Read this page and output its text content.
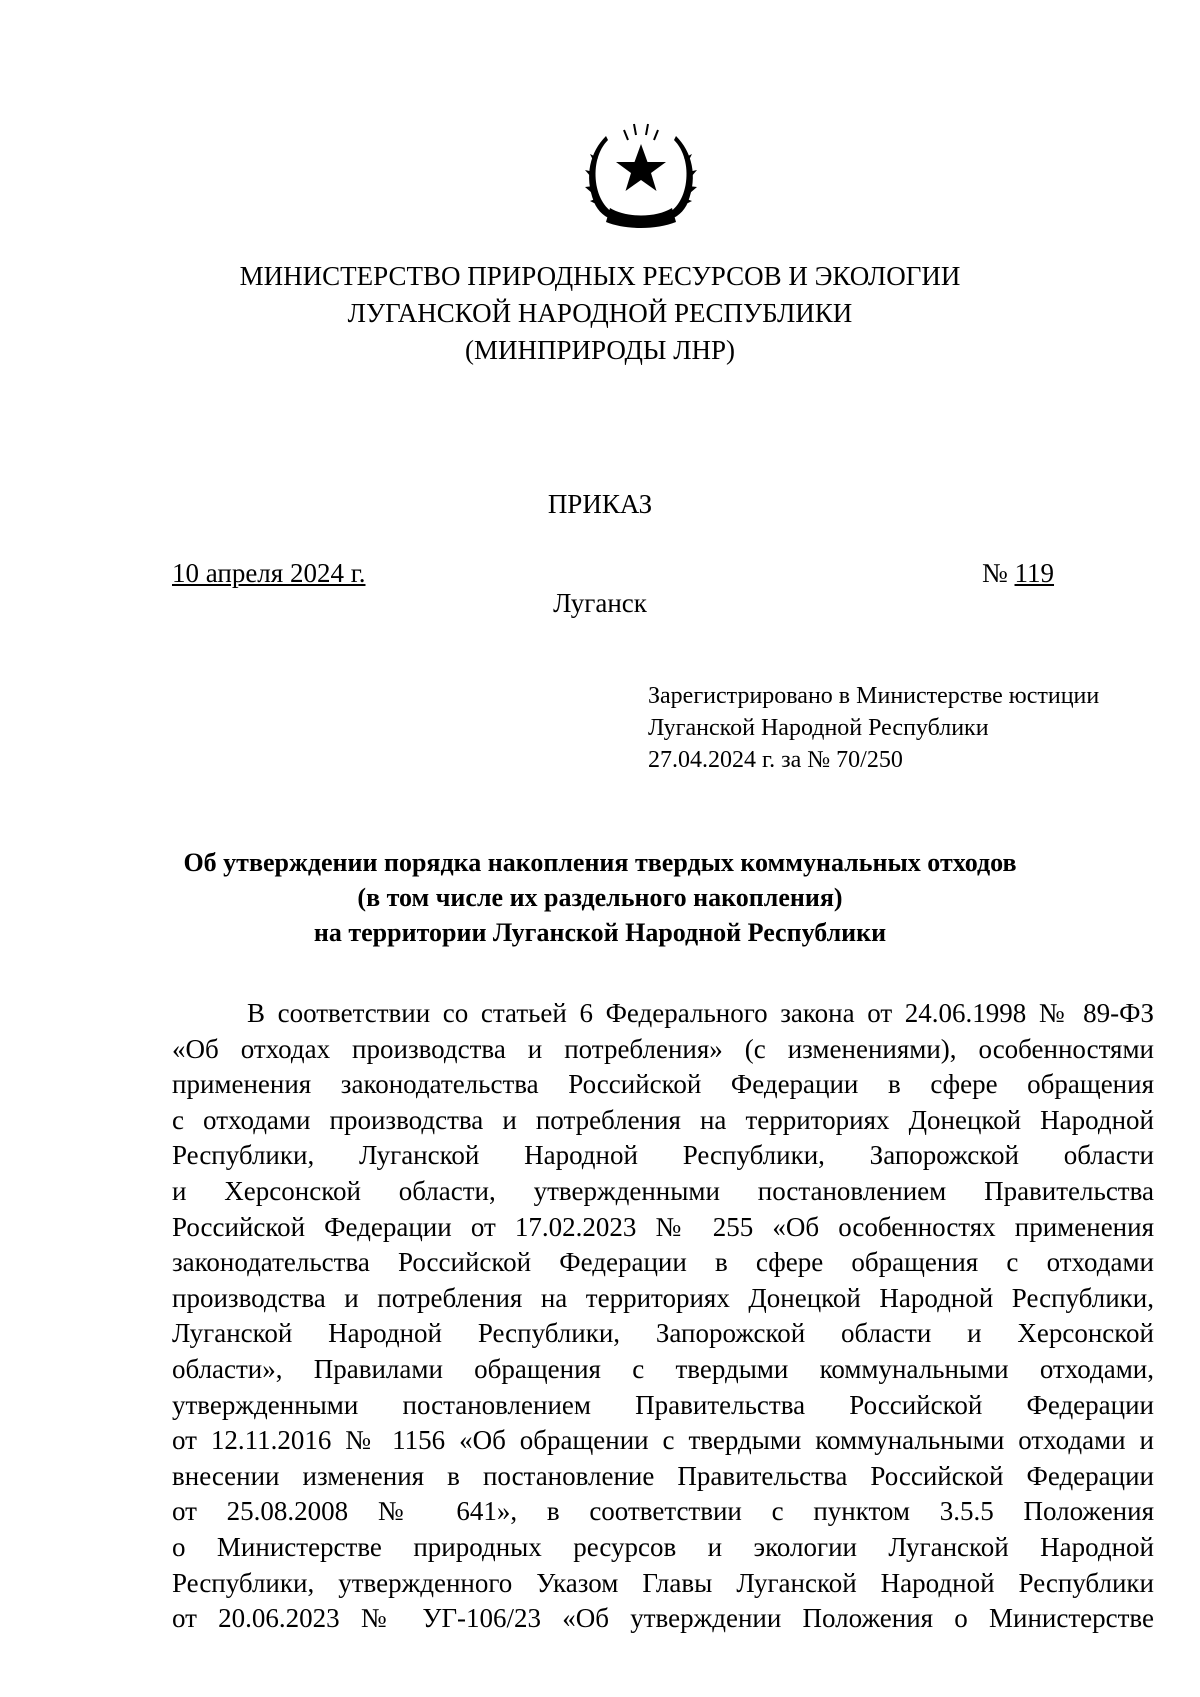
МИНИСТЕРСТВО ПРИРОДНЫХ РЕСУРСОВ И ЭКОЛОГИИ
ЛУГАНСКОЙ НАРОДНОЙ РЕСПУБЛИКИ
(МИНПРИРОДЫ ЛНР)
ПРИКАЗ
10 апреля 2024 г.	№ 119
Луганск
Зарегистрировано в Министерстве юстиции
Луганской Народной Республики
27.04.2024 г. за № 70/250
Об утверждении порядка накопления твердых коммунальных отходов
(в том числе их раздельного накопления)
на территории Луганской Народной Республики
В соответствии со статьей 6 Федерального закона от 24.06.1998 № 89-ФЗ
«Об отходах производства и потребления» (с изменениями), особенностями
применения законодательства Российской Федерации в сфере обращения
с отходами производства и потребления на территориях Донецкой Народной
Республики, Луганской Народной Республики, Запорожской области
и Херсонской области, утвержденными постановлением Правительства
Российской Федерации от 17.02.2023 № 255 «Об особенностях применения
законодательства Российской Федерации в сфере обращения с отходами
производства и потребления на территориях Донецкой Народной Республики,
Луганской Народной Республики, Запорожской области и Херсонской
области», Правилами обращения с твердыми коммунальными отходами,
утвержденными постановлением Правительства Российской Федерации
от 12.11.2016 № 1156 «Об обращении с твердыми коммунальными отходами и
внесении изменения в постановление Правительства Российской Федерации
от 25.08.2008 № 641», в соответствии с пунктом 3.5.5 Положения
о Министерстве природных ресурсов и экологии Луганской Народной
Республики, утвержденного Указом Главы Луганской Народной Республики
от 20.06.2023 № УГ-106/23 «Об утверждении Положения о Министерстве
